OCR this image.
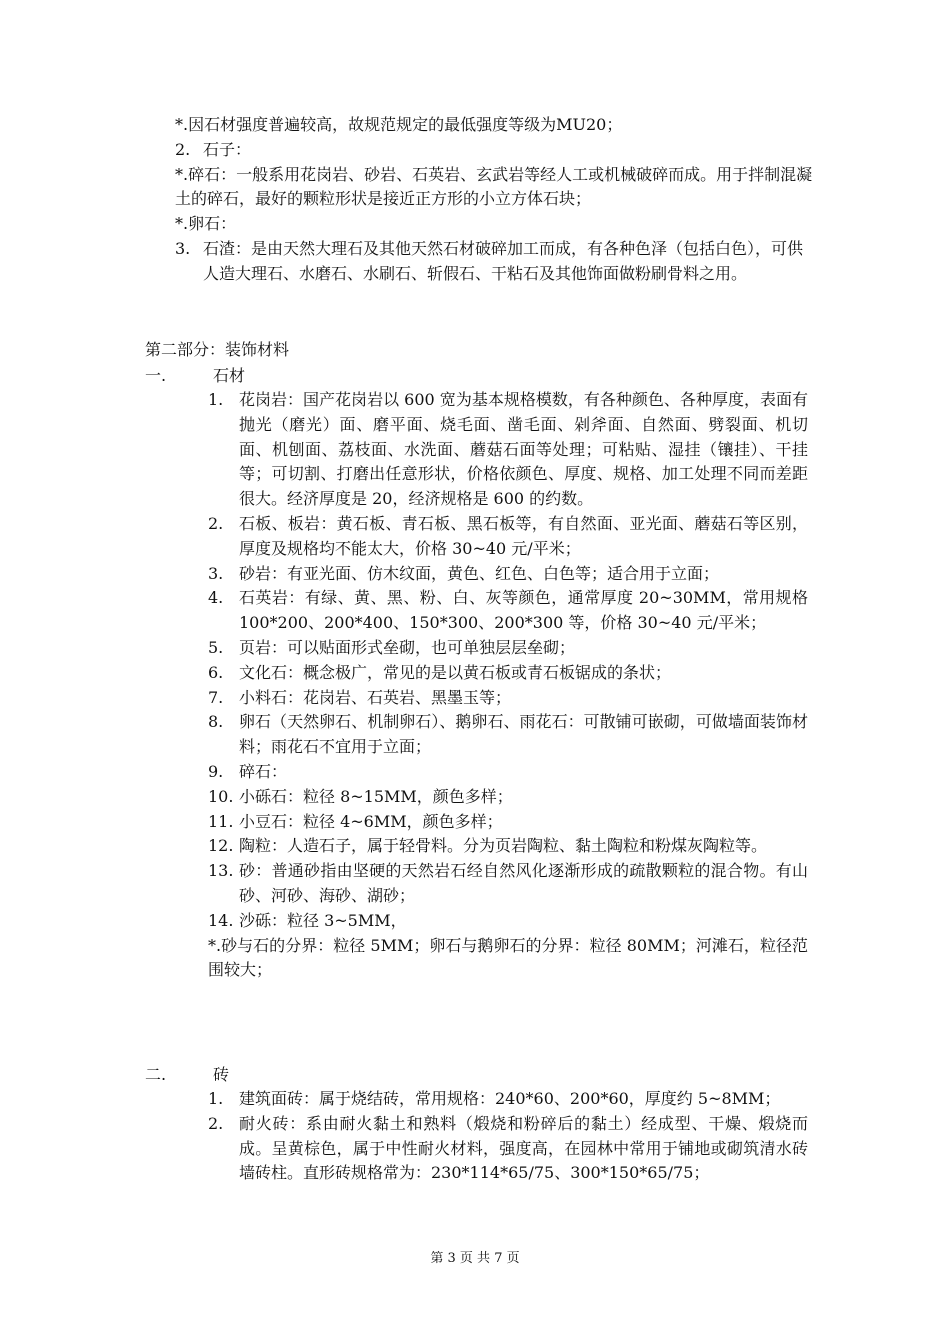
*.因石材强度普遍较高，故规范规定的最低强度等级为MU20；

2. 石子：

*.碎石：一般系用花岗岩、砂岩、石英岩、玄武岩等经人工或机械破碎而成。用于拌制混凝土的碎石，最好的颗粒形状是接近正方形的小立方体石块；

*.卵石：

3. 石渣：是由天然大理石及其他天然石材破碎加工而成，有各种色泽（包括白色），可供人造大理石、水磨石、水刷石、斩假石、干粘石及其他饰面做粉刷骨料之用。
第二部分：装饰材料
一.	石材
1. 花岗岩：国产花岗岩以 600 宽为基本规格模数，有各种颜色、各种厚度，表面有抛光（磨光）面、磨平面、烧毛面、凿毛面、剁斧面、自然面、劈裂面、机切面、机刨面、荔枝面、水洗面、蘑菇石面等处理；可粘贴、湿挂（镶挂）、干挂等；可切割、打磨出任意形状，价格依颜色、厚度、规格、加工处理不同而差距很大。经济厚度是 20，经济规格是 600 的约数。
2. 石板、板岩：黄石板、青石板、黑石板等，有自然面、亚光面、蘑菇石等区别，厚度及规格均不能太大，价格 30~40 元/平米；
3. 砂岩：有亚光面、仿木纹面，黄色、红色、白色等；适合用于立面；
4. 石英岩：有绿、黄、黑、粉、白、灰等颜色，通常厚度 20~30MM，常用规格 100*200、200*400、150*300、200*300 等，价格 30~40 元/平米；
5. 页岩：可以贴面形式垒砌，也可单独层层垒砌；
6. 文化石：概念极广，常见的是以黄石板或青石板锯成的条状；
7. 小料石：花岗岩、石英岩、黑墨玉等；
8. 卵石（天然卵石、机制卵石）、鹅卵石、雨花石：可散铺可嵌砌，可做墙面装饰材料；雨花石不宜用于立面；
9. 碎石：
10. 小砾石：粒径 8~15MM，颜色多样；
11. 小豆石：粒径 4~6MM，颜色多样；
12. 陶粒：人造石子，属于轻骨料。分为页岩陶粒、黏土陶粒和粉煤灰陶粒等。
13. 砂：普通砂指由坚硬的天然岩石经自然风化逐渐形成的疏散颗粒的混合物。有山砂、河砂、海砂、湖砂；
14. 沙砾：粒径 3~5MM，

*.砂与石的分界：粒径 5MM；卵石与鹅卵石的分界：粒径 80MM；河滩石，粒径范围较大；

二.	砖
1. 建筑面砖：属于烧结砖，常用规格：240*60、200*60，厚度约 5~8MM；
2. 耐火砖：系由耐火黏土和熟料（煅烧和粉碎后的黏土）经成型、干燥、煅烧而成。呈黄棕色，属于中性耐火材料，强度高，在园林中常用于铺地或砌筑清水砖墙砖柱。直形砖规格常为：230*114*65/75、300*150*65/75；
第 3 页 共 7 页
